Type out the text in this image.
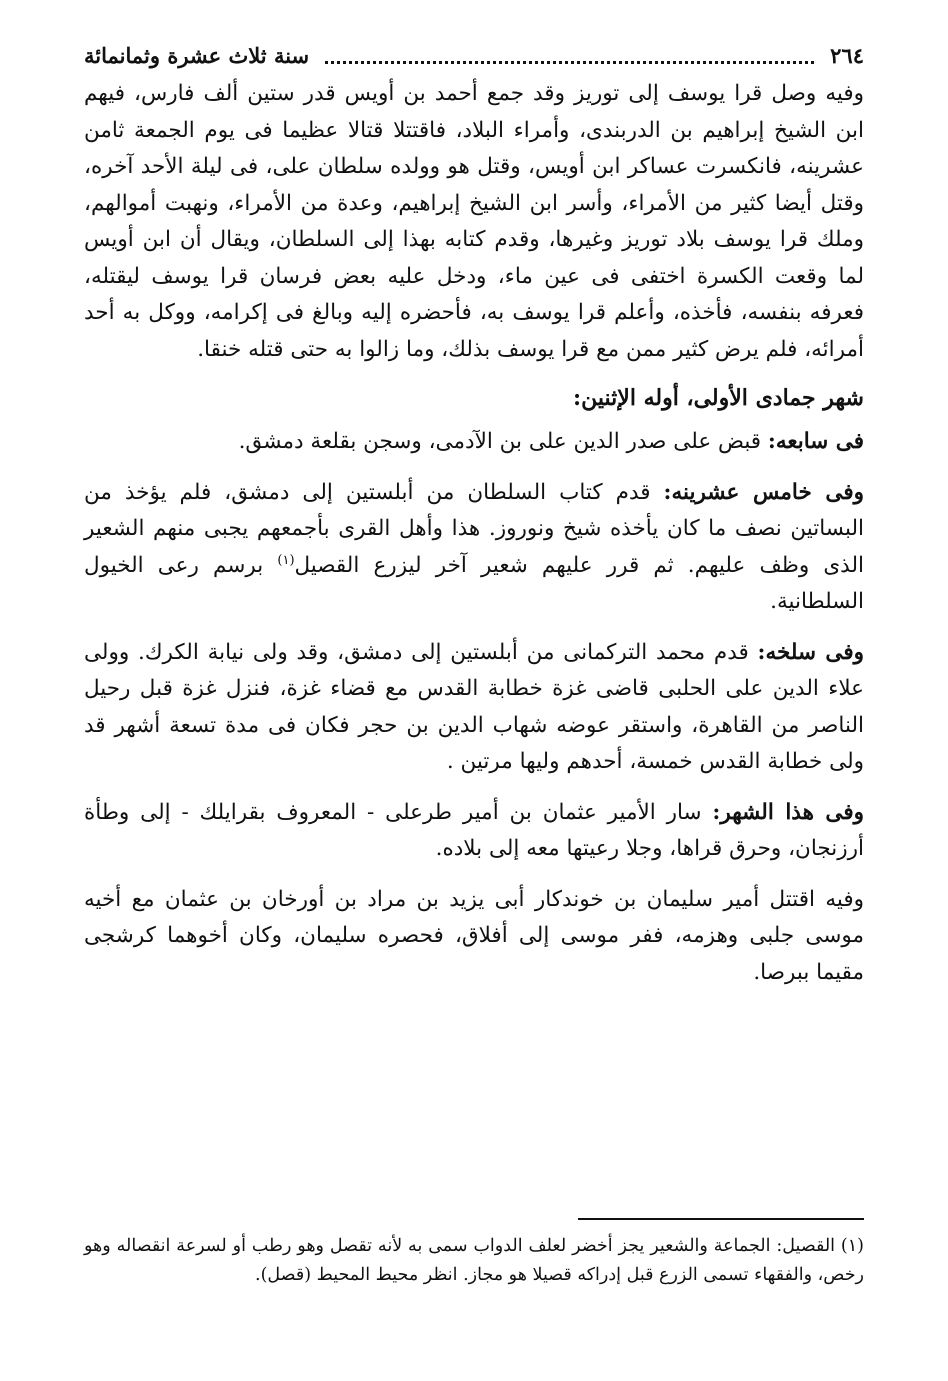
٢٦٤
سنة ثلاث عشرة وثمانمائة

وفيه وصل قرا يوسف إلى توريز وقد جمع أحمد بن أويس قدر ستين ألف فارس، فيهم ابن الشيخ إبراهيم بن الدربندى، وأمراء البلاد، فاقتتلا قتالا عظيما فى يوم الجمعة ثامن عشرينه، فانكسرت عساكر ابن أويس، وقتل هو وولده سلطان على، فى ليلة الأحد آخره، وقتل أيضا كثير من الأمراء، وأسر ابن الشيخ إبراهيم، وعدة من الأمراء، ونهبت أموالهم، وملك قرا يوسف بلاد توريز وغيرها، وقدم كتابه بهذا إلى السلطان، ويقال أن ابن أويس لما وقعت الكسرة اختفى فى عين ماء، ودخل عليه بعض فرسان قرا يوسف ليقتله، فعرفه بنفسه، فأخذه، وأعلم قرا يوسف به، فأحضره إليه وبالغ فى إكرامه، ووكل به أحد أمرائه، فلم يرض كثير ممن مع قرا يوسف بذلك، وما زالوا به حتى قتله خنقا.

شهر جمادى الأولى، أوله الإثنين:

فى سابعه: قبض على صدر الدين على بن الآدمى، وسجن بقلعة دمشق.

وفى خامس عشرينه: قدم كتاب السلطان من أبلستين إلى دمشق، فلم يؤخذ من البساتين نصف ما كان يأخذه شيخ ونوروز. هذا وأهل القرى بأجمعهم يجبى منهم الشعير الذى وظف عليهم. ثم قرر عليهم شعير آخر ليزرع القصيل$^{(١)}$ برسم رعى الخيول السلطانية.

وفى سلخه: قدم محمد التركمانى من أبلستين إلى دمشق، وقد ولى نيابة الكرك. وولى علاء الدين على الحلبى قاضى غزة خطابة القدس مع قضاء غزة، فنزل غزة قبل رحيل الناصر من القاهرة، واستقر عوضه شهاب الدين بن حجر فكان فى مدة تسعة أشهر قد ولى خطابة القدس خمسة، أحدهم وليها مرتين .

وفى هذا الشهر: سار الأمير عثمان بن أمير طرعلى - المعروف بقرايلك - إلى وطأة أرزنجان، وحرق قراها، وجلا رعيتها معه إلى بلاده.

وفيه اقتتل أمير سليمان بن خوندكار أبى يزيد بن مراد بن أورخان بن عثمان مع أخيه موسى جلبى وهزمه، ففر موسى إلى أفلاق، فحصره سليمان، وكان أخوهما كرشجى مقيما ببرصا.

(١) القصيل: الجماعة والشعير يجز أخضر لعلف الدواب سمى به لأنه تقصل وهو رطب أو لسرعة انقصاله وهو رخص، والفقهاء تسمى الزرع قبل إدراكه قصيلا هو مجاز. انظر محيط المحيط (قصل).
